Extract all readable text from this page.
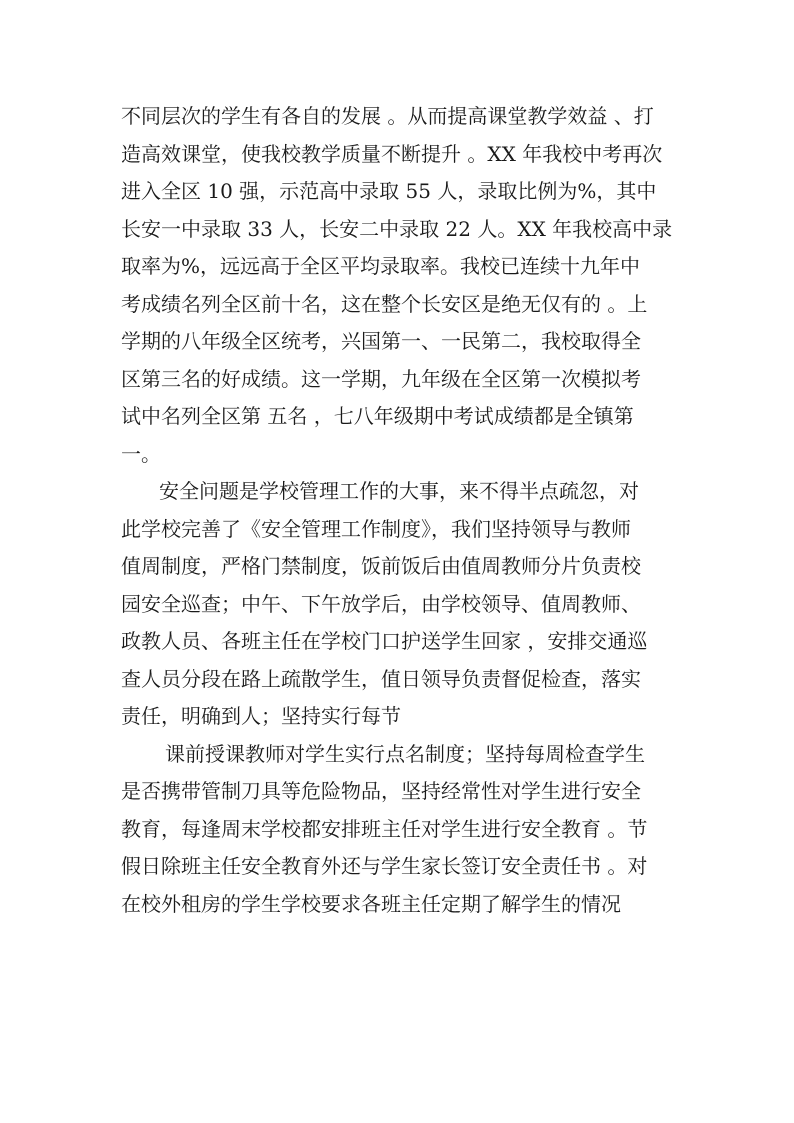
不同层次的学生有各自的发展 。从而提高课堂教学效益 、打
造高效课堂，使我校教学质量不断提升 。XX 年我校中考再次
进入全区 10 强，示范高中录取 55 人，录取比例为%，其中
长安一中录取 33 人，长安二中录取 22 人。XX 年我校高中录
取率为%，远远高于全区平均录取率。我校已连续十九年中
考成绩名列全区前十名，这在整个长安区是绝无仅有的 。上
学期的八年级全区统考，兴国第一、一民第二，我校取得全
区第三名的好成绩。这一学期，九年级在全区第一次模拟考
试中名列全区第 五名 ，七八年级期中考试成绩都是全镇第
一。
安全问题是学校管理工作的大事，来不得半点疏忽，对
此学校完善了《安全管理工作制度》，我们坚持领导与教师
值周制度，严格门禁制度，饭前饭后由值周教师分片负责校
园安全巡查；中午、下午放学后，由学校领导、值周教师、
政教人员、各班主任在学校门口护送学生回家 ，安排交通巡
查人员分段在路上疏散学生，值日领导负责督促检查，落实
责任，明确到人；坚持实行每节
课前授课教师对学生实行点名制度；坚持每周检查学生
是否携带管制刀具等危险物品，坚持经常性对学生进行安全
教育，每逢周末学校都安排班主任对学生进行安全教育 。节
假日除班主任安全教育外还与学生家长签订安全责任书 。对
在校外租房的学生学校要求各班主任定期了解学生的情况
